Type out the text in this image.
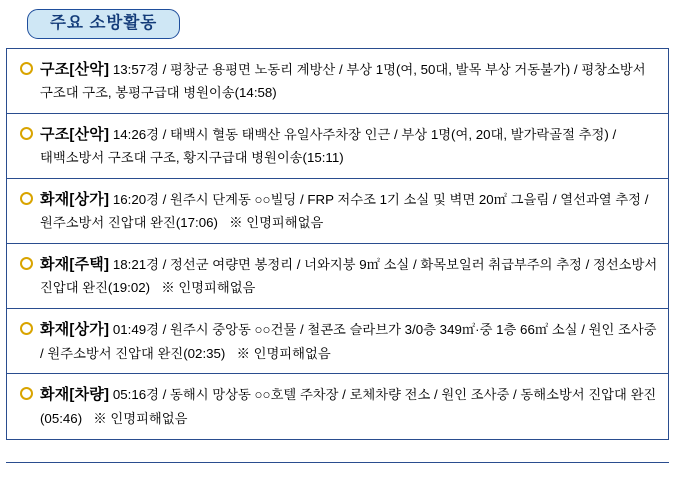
주요 소방활동
구조[산악] 13:57경 / 평창군 용평면 노동리 계방산 / 부상 1명(여, 50대, 발목 부상 거동불가) / 평창소방서 구조대 구조, 봉평구급대 병원이송(14:58)
구조[산악] 14:26경 / 태백시 혈동 태백산 유일사주차장 인근 / 부상 1명(여, 20대, 발가락골절 추정) / 태백소방서 구조대 구조, 황지구급대 병원이송(15:11)
화재[상가] 16:20경 / 원주시 단계동 ○○빌딩 / FRP 저수조 1기 소실 및 벽면 20㎡ 그을림 / 열선과열 추정 / 원주소방서 진압대 완진(17:06) ※ 인명피해없음
화재[주택] 18:21경 / 정선군 여량면 봉정리 / 너와지붕 9㎡ 소실 / 화목보일러 취급부주의 추정 / 정선소방서 진압대 완진(19:02) ※ 인명피해없음
화재[상가] 01:49경 / 원주시 중앙동 ○○건물 / 철콘조 슬라브가 3/0층 349㎡·중 1층 66㎡ 소실 / 원인 조사중 / 원주소방서 진압대 완진(02:35) ※ 인명피해없음
화재[차량] 05:16경 / 동해시 망상동 ○○호텔 주차장 / 로체차량 전소 / 원인 조사중 / 동해소방서 진압대 완진(05:46) ※ 인명피해없음
